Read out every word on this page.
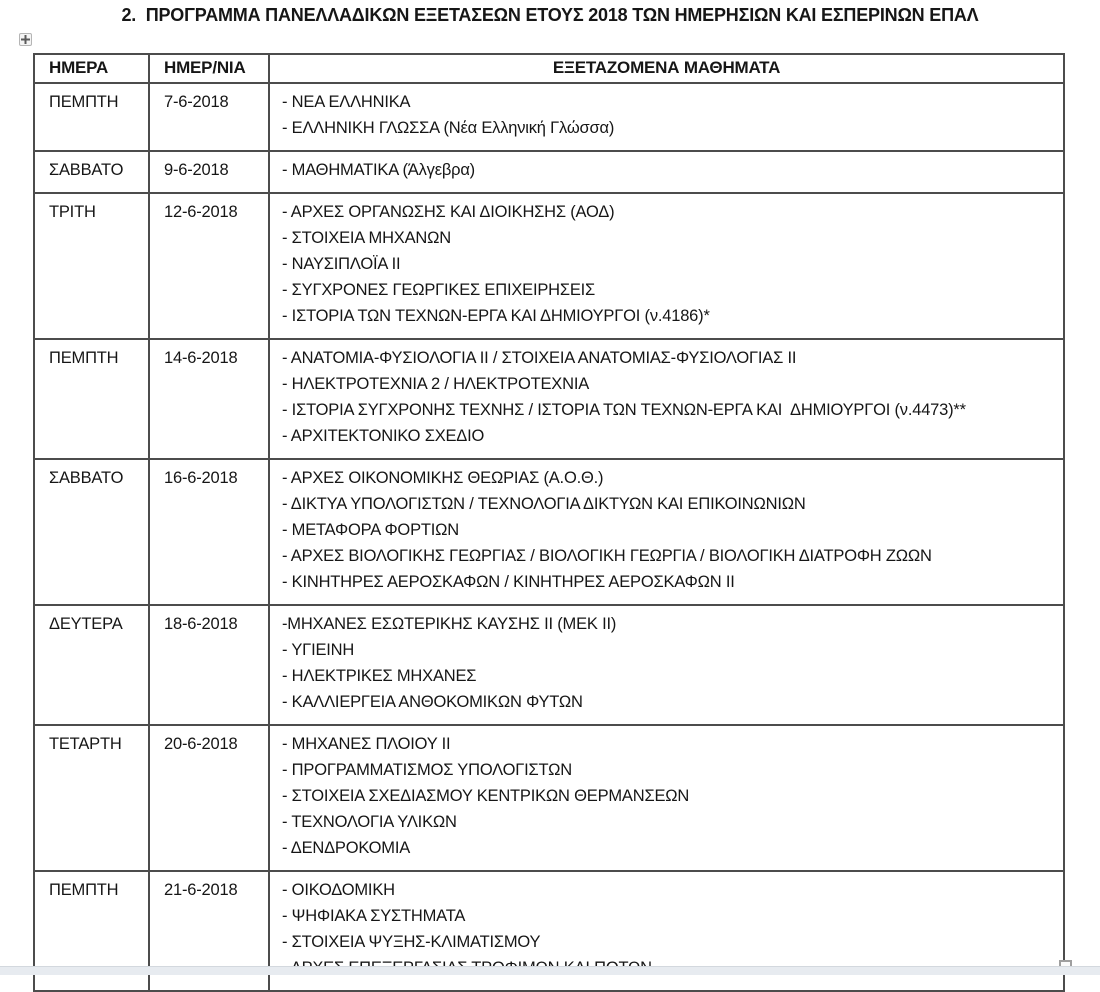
2.  ΠΡΟΓΡΑΜΜΑ ΠΑΝΕΛΛΑΔΙΚΩΝ ΕΞΕΤΑΣΕΩΝ ΕΤΟΥΣ 2018 ΤΩΝ ΗΜΕΡΗΣΙΩΝ ΚΑΙ ΕΣΠΕΡΙΝΩΝ ΕΠΑΛ
ΗΜΕΡΑ	ΗΜΕΡ/ΝΙΑ	ΕΞΕΤΑΖΟΜΕΝΑ ΜΑΘΗΜΑΤΑ
ΠΕΜΠΤΗ	7-6-2018	- ΝΕΑ ΕΛΛΗΝΙΚΑ
- ΕΛΛΗΝΙΚΗ ΓΛΩΣΣΑ (Νέα Ελληνική Γλώσσα)

ΣΑΒΒΑΤΟ	9-6-2018	- ΜΑΘΗΜΑΤΙΚΑ (Άλγεβρα)

ΤΡΙΤΗ	12-6-2018	- ΑΡΧΕΣ ΟΡΓΑΝΩΣΗΣ ΚΑΙ ΔΙΟΙΚΗΣΗΣ (ΑΟΔ)
- ΣΤΟΙΧΕΙΑ ΜΗΧΑΝΩΝ
- ΝΑΥΣΙΠΛΟΪΑ ΙΙ
- ΣΥΓΧΡΟΝΕΣ ΓΕΩΡΓΙΚΕΣ ΕΠΙΧΕΙΡΗΣΕΙΣ
- ΙΣΤΟΡΙΑ ΤΩΝ ΤΕΧΝΩΝ-ΕΡΓΑ ΚΑΙ ΔΗΜΙΟΥΡΓΟΙ (ν.4186)*

ΠΕΜΠΤΗ	14-6-2018	- ΑΝΑΤΟΜΙΑ-ΦΥΣΙΟΛΟΓΙΑ ΙΙ / ΣΤΟΙΧΕΙΑ ΑΝΑΤΟΜΙΑΣ-ΦΥΣΙΟΛΟΓΙΑΣ ΙΙ
- ΗΛΕΚΤΡΟΤΕΧΝΙΑ 2 / ΗΛΕΚΤΡΟΤΕΧΝΙΑ
- ΙΣΤΟΡΙΑ ΣΥΓΧΡΟΝΗΣ ΤΕΧΝΗΣ / ΙΣΤΟΡΙΑ ΤΩΝ ΤΕΧΝΩΝ-ΕΡΓΑ ΚΑΙ  ΔΗΜΙΟΥΡΓΟΙ (ν.4473)**
- ΑΡΧΙΤΕΚΤΟΝΙΚΟ ΣΧΕΔΙΟ

ΣΑΒΒΑΤΟ	16-6-2018	- ΑΡΧΕΣ ΟΙΚΟΝΟΜΙΚΗΣ ΘΕΩΡΙΑΣ (Α.Ο.Θ.)
- ΔΙΚΤΥΑ ΥΠΟΛΟΓΙΣΤΩΝ / ΤΕΧΝΟΛΟΓΙΑ ΔΙΚΤΥΩΝ ΚΑΙ ΕΠΙΚΟΙΝΩΝΙΩΝ
- ΜΕΤΑΦΟΡΑ ΦΟΡΤΙΩΝ
- ΑΡΧΕΣ ΒΙΟΛΟΓΙΚΗΣ ΓΕΩΡΓΙΑΣ / ΒΙΟΛΟΓΙΚΗ ΓΕΩΡΓΙΑ / ΒΙΟΛΟΓΙΚΗ ΔΙΑΤΡΟΦΗ ΖΩΩΝ
- ΚΙΝΗΤΗΡΕΣ ΑΕΡΟΣΚΑΦΩΝ / ΚΙΝΗΤΗΡΕΣ ΑΕΡΟΣΚΑΦΩΝ ΙΙ

ΔΕΥΤΕΡΑ	18-6-2018	-ΜΗΧΑΝΕΣ ΕΣΩΤΕΡΙΚΗΣ ΚΑΥΣΗΣ ΙΙ (ΜΕΚ ΙΙ)
- ΥΓΙΕΙΝΗ
- ΗΛΕΚΤΡΙΚΕΣ ΜΗΧΑΝΕΣ
- ΚΑΛΛΙΕΡΓΕΙΑ ΑΝΘΟΚΟΜΙΚΩΝ ΦΥΤΩΝ

ΤΕΤΑΡΤΗ	20-6-2018	- ΜΗΧΑΝΕΣ ΠΛΟΙΟΥ ΙΙ
- ΠΡΟΓΡΑΜΜΑΤΙΣΜΟΣ ΥΠΟΛΟΓΙΣΤΩΝ
- ΣΤΟΙΧΕΙΑ ΣΧΕΔΙΑΣΜΟΥ ΚΕΝΤΡΙΚΩΝ ΘΕΡΜΑΝΣΕΩΝ
- ΤΕΧΝΟΛΟΓΙΑ ΥΛΙΚΩΝ
- ΔΕΝΔΡΟΚΟΜΙΑ

ΠΕΜΠΤΗ	21-6-2018	- ΟΙΚΟΔΟΜΙΚΗ
- ΨΗΦΙΑΚΑ ΣΥΣΤΗΜΑΤΑ
- ΣΤΟΙΧΕΙΑ ΨΥΞΗΣ-ΚΛΙΜΑΤΙΣΜΟΥ
